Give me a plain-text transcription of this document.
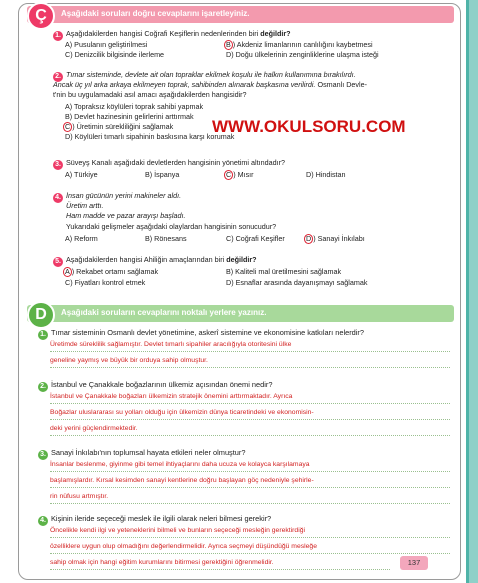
Ç	Aşağıdaki soruları doğru cevaplarını işaretleyiniz.
1. Aşağıdakilerden hangisi Coğrafi Keşiflerin nedenlerinden biri değildir?
A) Pusulanın geliştirilmesi	B ) Akdeniz limanlarının canlılığını kaybetmesi
C) Denizcilik bilgisinde ilerleme	D) Doğu ülkelerinin zenginliklerine ulaşma isteği
2. Tımar sisteminde, devlete ait olan topraklar ekilmek koşulu ile halkın kullanımına bırakılırdı.
Ancak üç yıl arka arkaya ekilmeyen toprak, sahibinden alınarak başkasına verilirdi. Osmanlı Devle-
t'nin bu uygulamadaki asıl amacı aşağıdakilerden hangisidir?
A) Topraksız köylüleri toprak sahibi yapmak
B) Devlet hazinesinin gelirlerini arttırmak
C ) Üretimin sürekliliğini sağlamak
D) Köylüleri tımarlı sipahinin baskısına karşı korumak
WWW.OKULSORU.COM
3. Süveyş Kanalı aşağıdaki devletlerden hangisinin yönetimi altındadır?
A) Türkiye	B) İspanya	C ) Mısır	D) Hindistan
4. İnsan gücünün yerini makineler aldı.
Üretim arttı.
Ham madde ve pazar arayışı başladı.
Yukarıdaki gelişmeler aşağıdaki olaylardan hangisinin sonucudur?
A) Reform	B) Rönesans	C) Coğrafi Keşifler	D ) Sanayi İnkılabı
5. Aşağıdakilerden hangisi Ahiliğin amaçlarından biri değildir?
A ) Rekabet ortamı sağlamak	B) Kaliteli mal üretilmesini sağlamak
C) Fiyatları kontrol etmek	D) Esnaflar arasında dayanışmayı sağlamak
D	Aşağıdaki soruların cevaplarını noktalı yerlere yazınız.
1. Tımar sisteminin Osmanlı devlet yönetimine, askerî sistemine ve ekonomisine katkıları nelerdir?
Üretimde süreklilik sağlamıştır. Devlet tımarlı sipahiler aracılığıyla otoritesini ülke
geneline yaymış ve büyük bir orduya sahip olmuştur.
2. İstanbul ve Çanakkale boğazlarının ülkemiz açısından önemi nedir?
İstanbul ve Çanakkale boğazları ülkemizin stratejik önemini arttırmaktadır. Ayrıca
Boğazlar uluslararası su yolları olduğu için ülkemizin dünya ticaretindeki ve ekonomisin-
deki yerini güçlendirmektedir.
3. Sanayi İnkılabı'nın toplumsal hayata etkileri neler olmuştur?
İnsanlar beslenme, giyinme gibi temel ihtiyaçlarını daha ucuza ve kolayca karşılamaya
başlamışlardır. Kırsal kesimden sanayi kentlerine doğru başlayan göç nedeniyle şehirle-
rin nüfusu artmıştır.
4. Kişinin ileride seçeceği meslek ile ilgili olarak neleri bilmesi gerekir?
Öncelikle kendi ilgi ve yeteneklerini bilmeli ve bunların seçeceği mesleğin gerektirdiği
özelliklere uygun olup olmadığını değerlendirmelidir. Ayrıca seçmeyi düşündüğü mesleğe
sahip olmak için hangi eğitim kurumlarını bitirmesi gerektiğini öğrenmelidir.	137
